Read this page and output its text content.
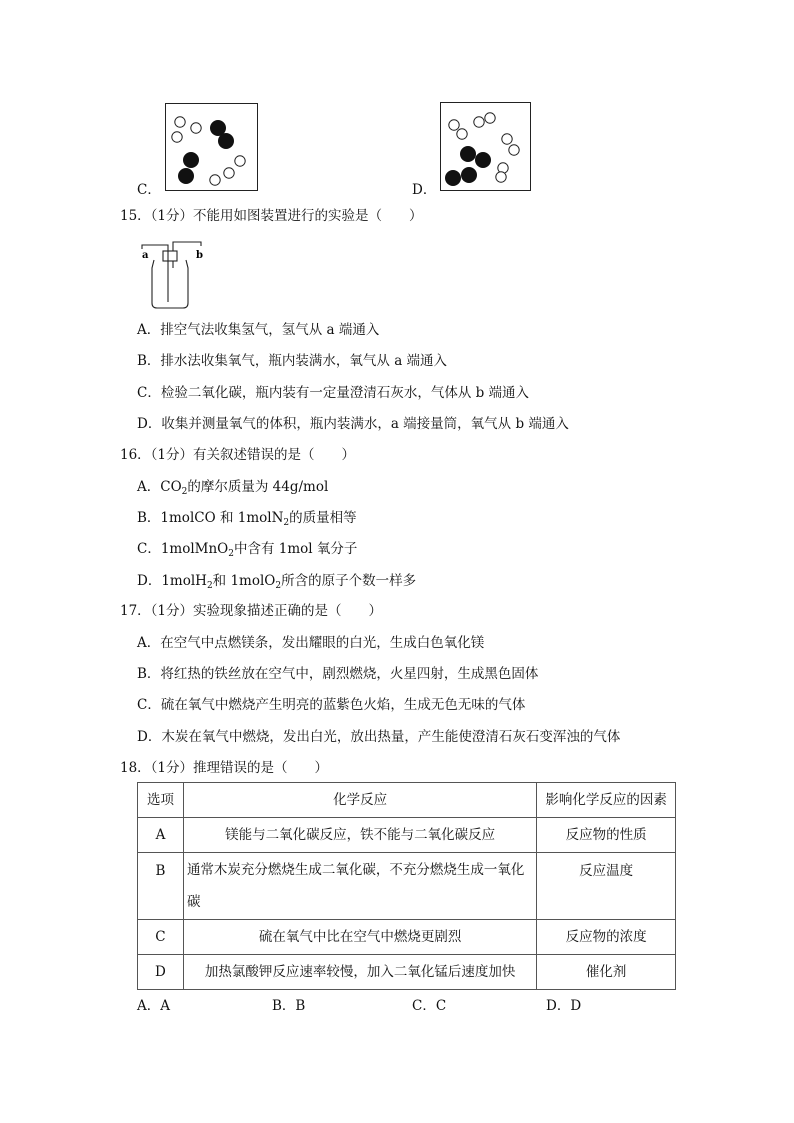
C．	D．
15．（1分）不能用如图装置进行的实验是（　　）
a	b
A．排空气法收集氢气，氢气从 a 端通入
B．排水法收集氧气，瓶内装满水，氧气从 a 端通入
C．检验二氧化碳，瓶内装有一定量澄清石灰水，气体从 b 端通入
D．收集并测量氧气的体积，瓶内装满水，a 端接量筒，氧气从 b 端通入
16．（1分）有关叙述错误的是（　　）
A．$CO_2$的摩尔质量为 44g/mol
B．1molCO 和 1molN$_2$的质量相等
C．1molMnO$_2$中含有 1mol 氧分子
D．1molH$_2$和 1molO$_2$所含的原子个数一样多
17．（1分）实验现象描述正确的是（　　）
A．在空气中点燃镁条，发出耀眼的白光，生成白色氧化镁
B．将红热的铁丝放在空气中，剧烈燃烧，火星四射，生成黑色固体
C．硫在氧气中燃烧产生明亮的蓝紫色火焰，生成无色无味的气体
D．木炭在氧气中燃烧，发出白光，放出热量，产生能使澄清石灰石变浑浊的气体
18．（1分）推理错误的是（　　）
选项	化学反应	影响化学反应的因素
A	镁能与二氧化碳反应，铁不能与二氧化碳反应	反应物的性质
B	通常木炭充分燃烧生成二氧化碳，不充分燃烧生成一氧化碳	反应温度
C	硫在氧气中比在空气中燃烧更剧烈	反应物的浓度
D	加热氯酸钾反应速率较慢，加入二氧化锰后速度加快	催化剂
A．A	B．B	C．C	D．D
